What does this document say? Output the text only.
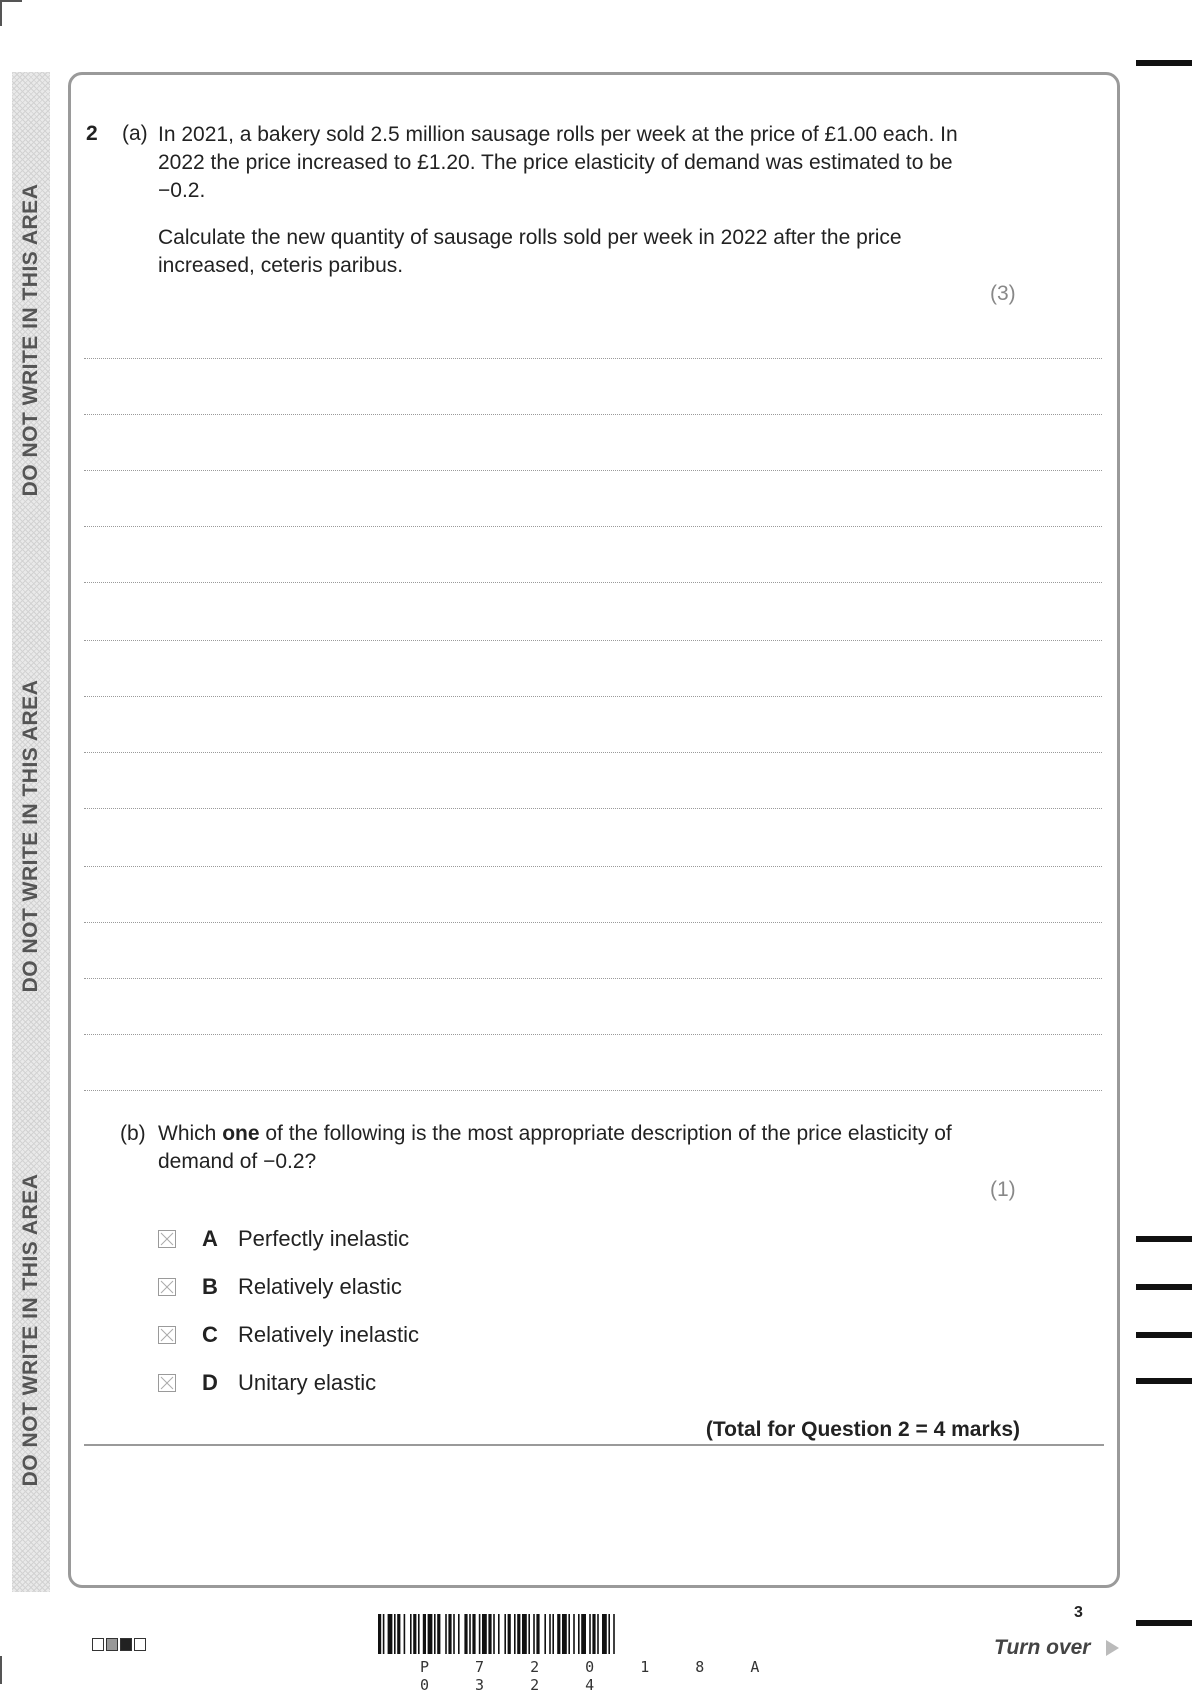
DO NOT WRITE IN THIS AREA
DO NOT WRITE IN THIS AREA
DO NOT WRITE IN THIS AREA
2 (a) In 2021, a bakery sold 2.5 million sausage rolls per week at the price of £1.00 each. In 2022 the price increased to £1.20. The price elasticity of demand was estimated to be −0.2.
Calculate the new quantity of sausage rolls sold per week in 2022 after the price increased, ceteris paribus.
(3)
(b) Which one of the following is the most appropriate description of the price elasticity of demand of −0.2?
(1)
A Perfectly inelastic
B Relatively elastic
C Relatively inelastic
D Unitary elastic
(Total for Question 2 = 4 marks)
P 7 2 0 1 8 A 0 3 2 4
3
Turn over
